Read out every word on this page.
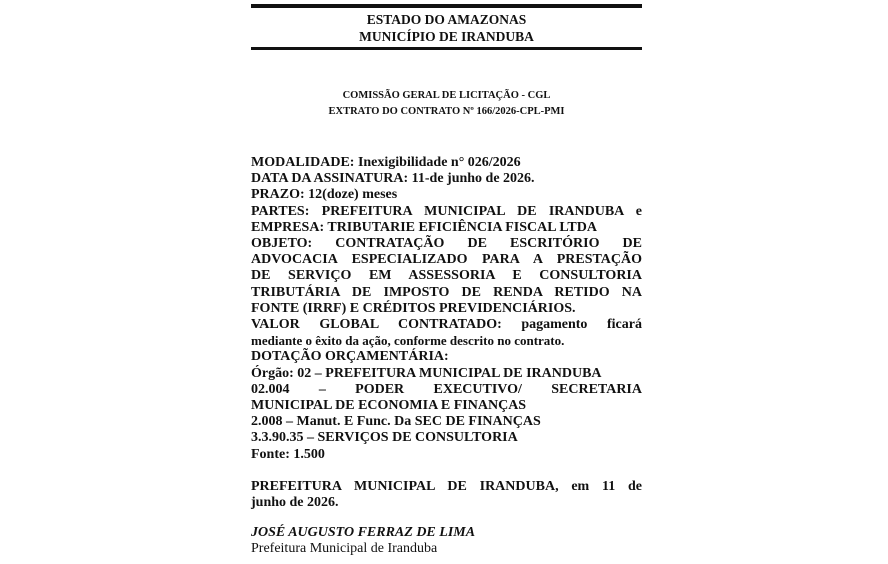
ESTADO DO AMAZONAS
MUNICÍPIO DE IRANDUBA
COMISSÃO GERAL DE LICITAÇÃO - CGL
EXTRATO DO CONTRATO Nº 166/2026-CPL-PMI
MODALIDADE: Inexigibilidade n° 026/2026
DATA DA ASSINATURA: 11-de junho de 2026.
PRAZO: 12(doze) meses
PARTES: PREFEITURA MUNICIPAL DE IRANDUBA e
EMPRESA: TRIBUTARIE EFICIÊNCIA FISCAL LTDA
OBJETO: CONTRATAÇÃO DE ESCRITÓRIO DE
ADVOCACIA ESPECIALIZADO PARA A PRESTAÇÃO
DE SERVIÇO EM ASSESSORIA E CONSULTORIA
TRIBUTÁRIA DE IMPOSTO DE RENDA RETIDO NA
FONTE (IRRF) E CRÉDITOS PREVIDENCIÁRIOS.
VALOR GLOBAL CONTRATADO: pagamento ficará
mediante o êxito da ação, conforme descrito no contrato.
DOTAÇÃO ORÇAMENTÁRIA:
Órgão: 02 – PREFEITURA MUNICIPAL DE IRANDUBA
02.004 – PODER EXECUTIVO/ SECRETARIA
MUNICIPAL DE ECONOMIA E FINANÇAS
2.008 – Manut. E Func. Da SEC DE FINANÇAS
3.3.90.35 – SERVIÇOS DE CONSULTORIA
Fonte: 1.500
PREFEITURA MUNICIPAL DE IRANDUBA, em 11 de
junho de 2026.
JOSÉ AUGUSTO FERRAZ DE LIMA
Prefeitura Municipal de Iranduba
